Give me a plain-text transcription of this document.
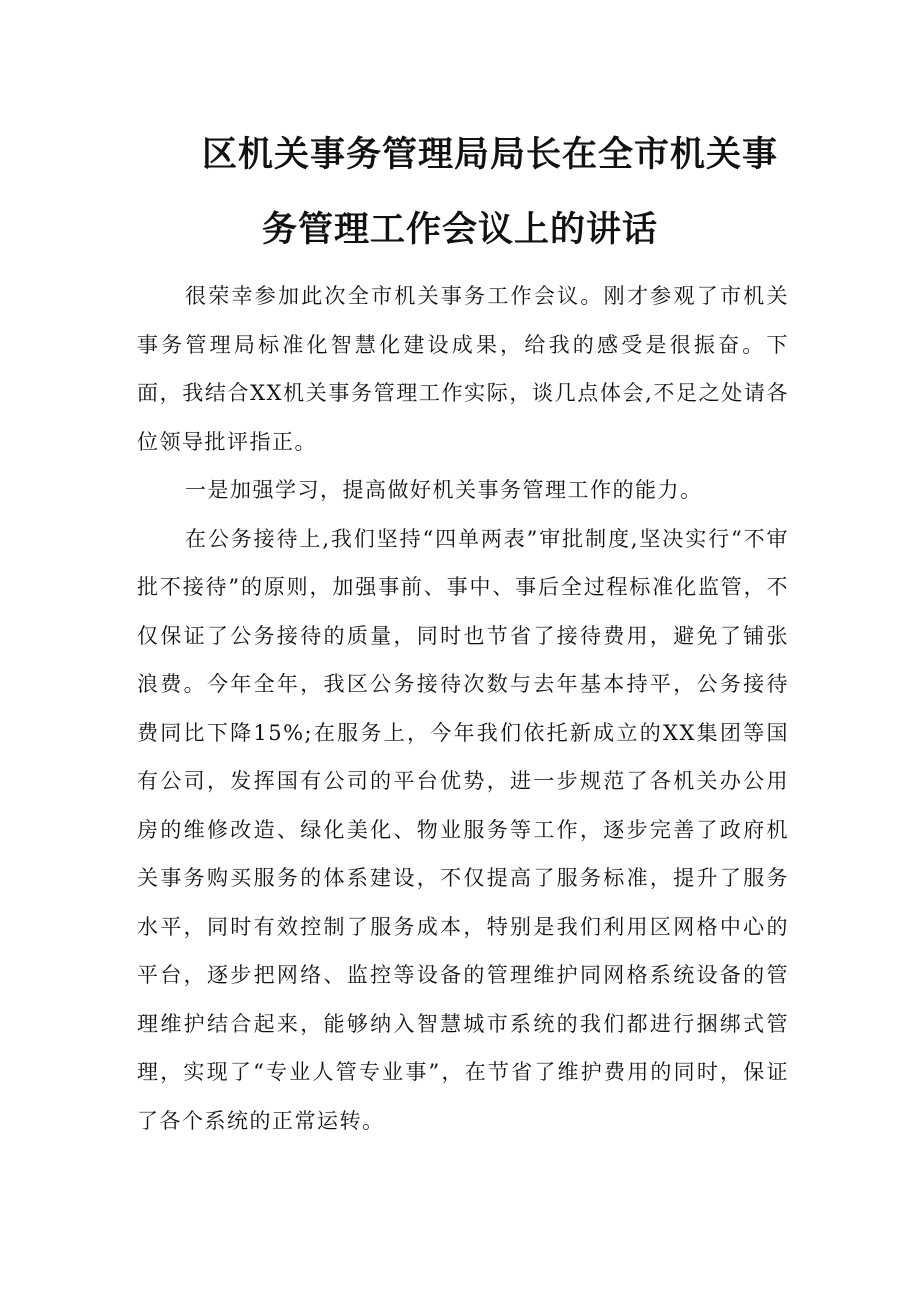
区机关事务管理局局长在全市机关事
务管理工作会议上的讲话

很荣幸参加此次全市机关事务工作会议。刚才参观了市机关事务管理局标准化智慧化建设成果，给我的感受是很振奋。下面，我结合XX机关事务管理工作实际，谈几点体会,不足之处请各位领导批评指正。

一是加强学习，提高做好机关事务管理工作的能力。

在公务接待上,我们坚持“四单两表”审批制度,坚决实行“不审批不接待”的原则，加强事前、事中、事后全过程标准化监管，不仅保证了公务接待的质量，同时也节省了接待费用，避免了铺张浪费。今年全年，我区公务接待次数与去年基本持平，公务接待费同比下降15%;在服务上，今年我们依托新成立的XX集团等国有公司，发挥国有公司的平台优势，进一步规范了各机关办公用房的维修改造、绿化美化、物业服务等工作，逐步完善了政府机关事务购买服务的体系建设，不仅提高了服务标准，提升了服务水平，同时有效控制了服务成本，特别是我们利用区网格中心的平台，逐步把网络、监控等设备的管理维护同网格系统设备的管理维护结合起来，能够纳入智慧城市系统的我们都进行捆绑式管理，实现了“专业人管专业事”，在节省了维护费用的同时，保证了各个系统的正常运转。
